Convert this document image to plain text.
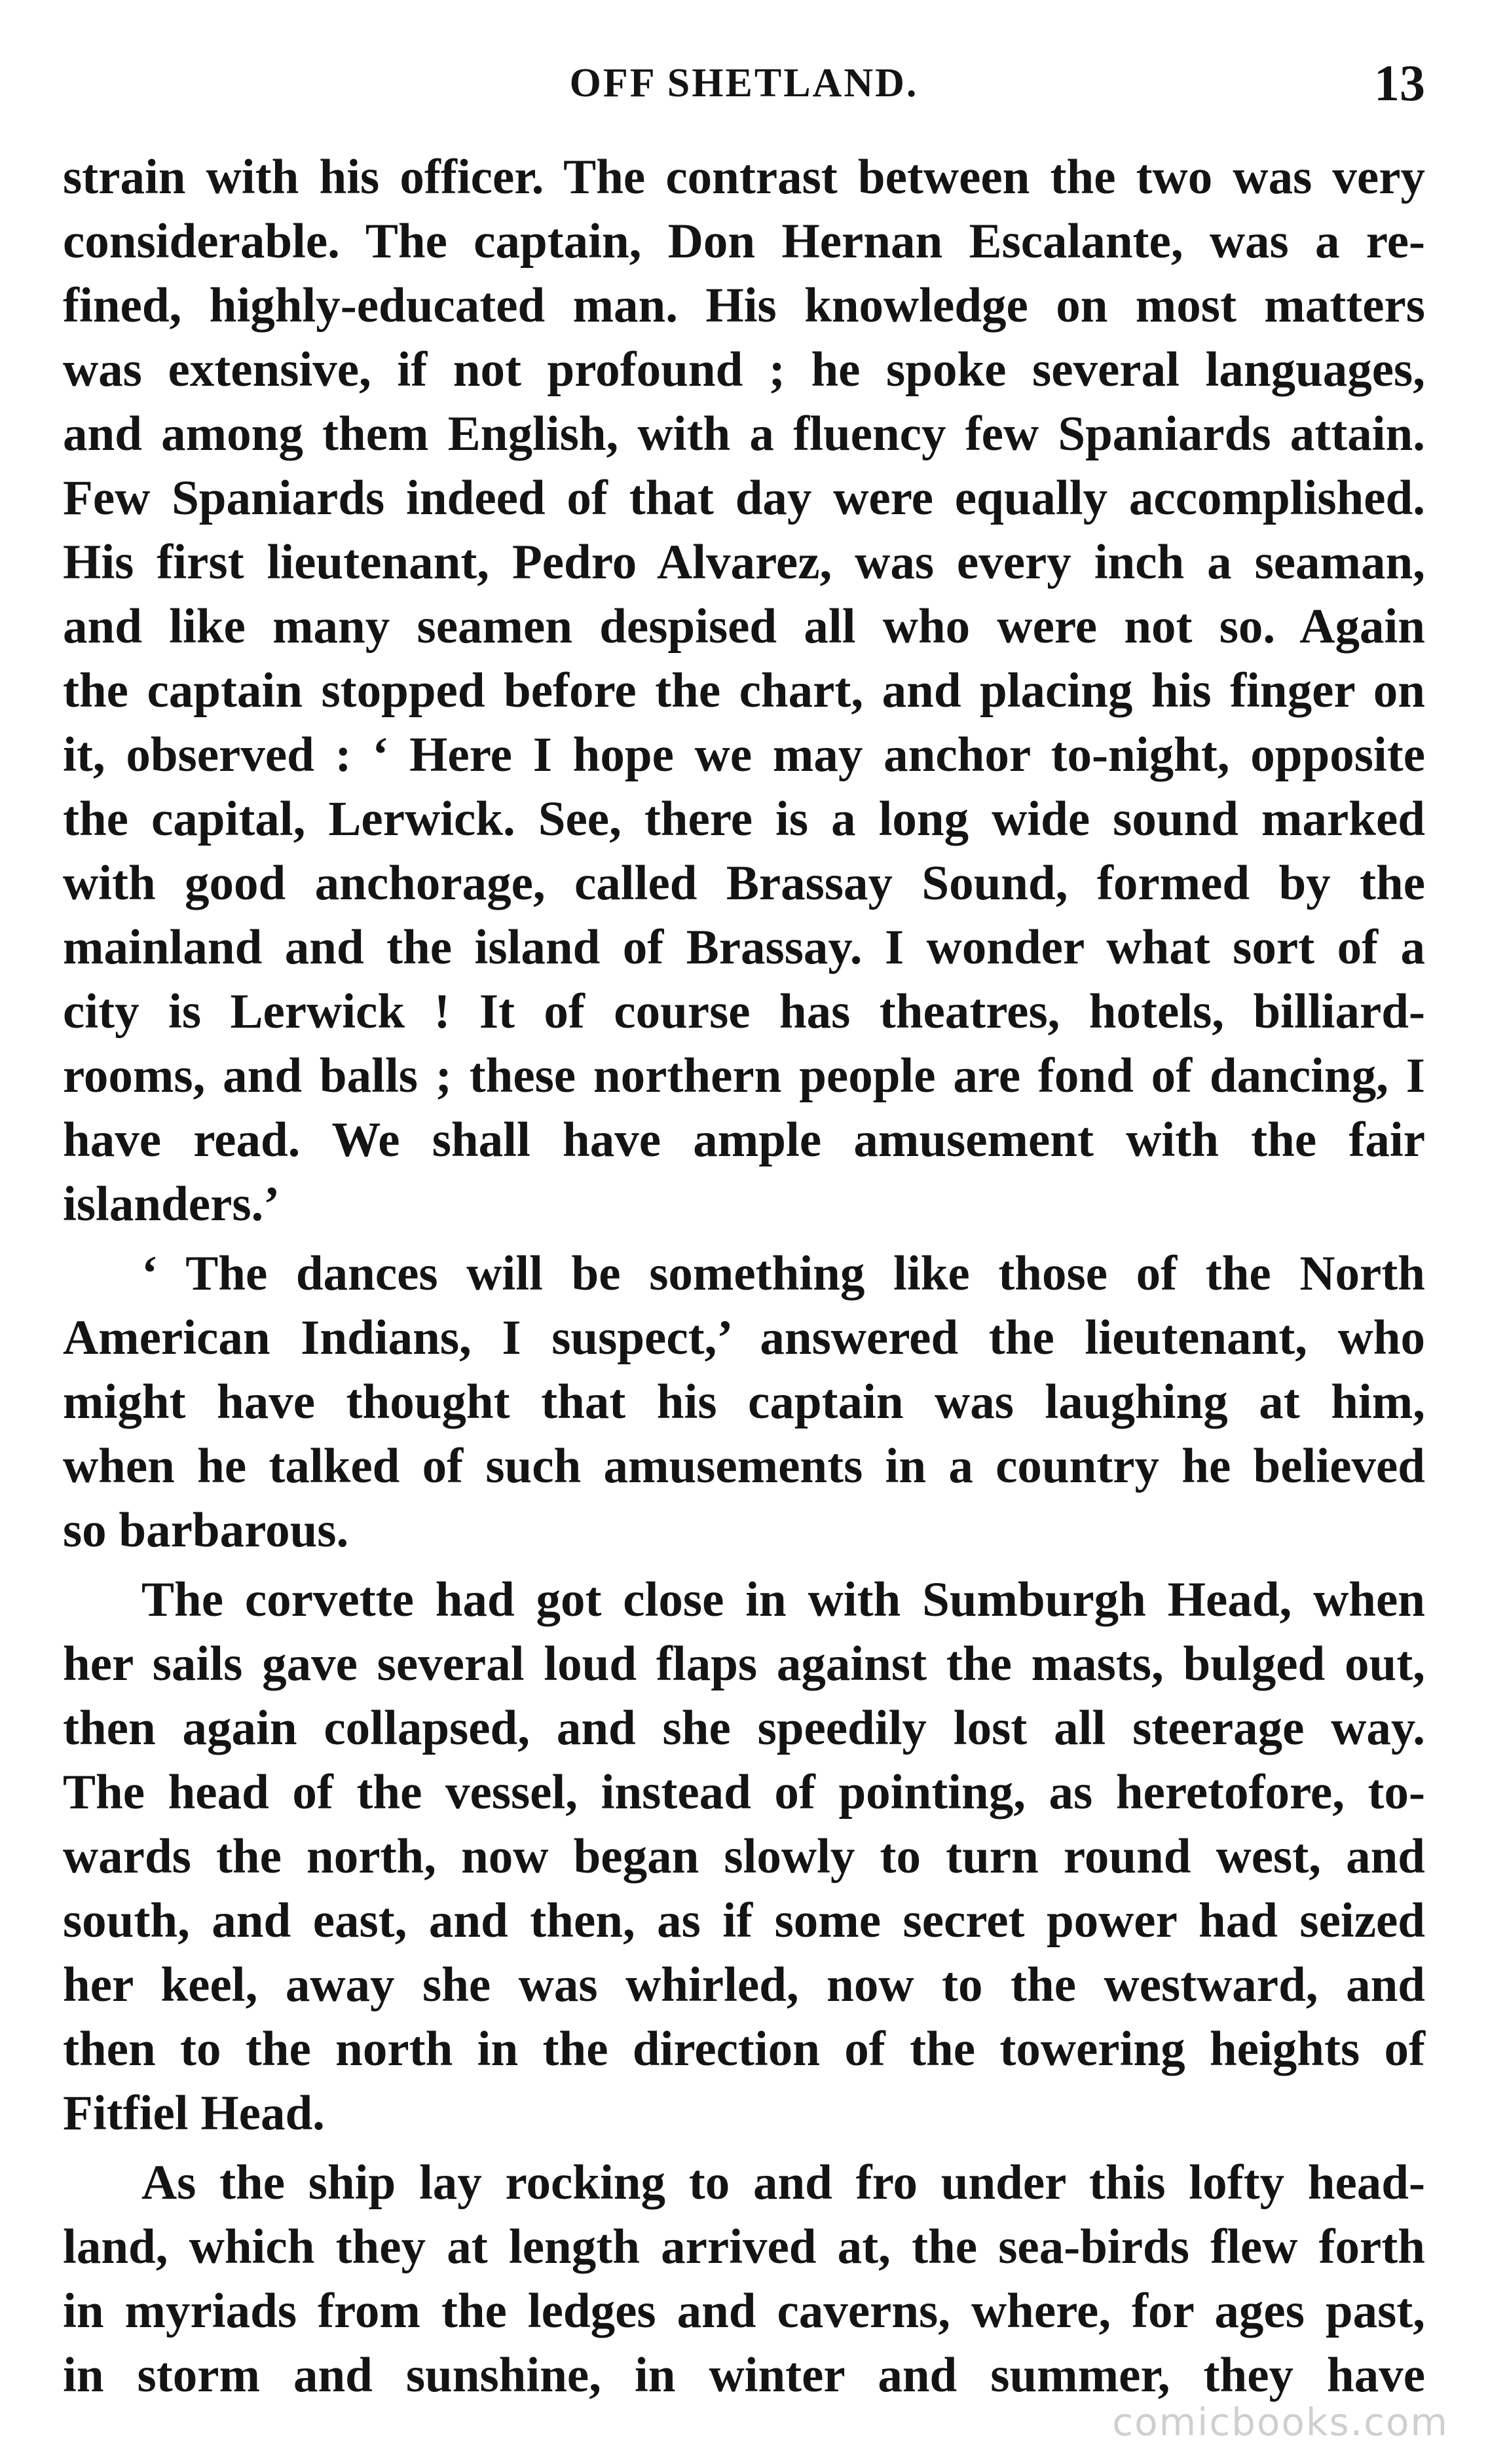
OFF SHETLAND.	13
strain with his officer. The contrast between the two was very
considerable. The captain, Don Hernan Escalante, was a re-
fined, highly-educated man. His knowledge on most matters
was extensive, if not profound ; he spoke several languages,
and among them English, with a fluency few Spaniards attain.
Few Spaniards indeed of that day were equally accomplished.
His first lieutenant, Pedro Alvarez, was every inch a seaman,
and like many seamen despised all who were not so. Again
the captain stopped before the chart, and placing his finger on
it, observed : ‘ Here I hope we may anchor to-night, opposite
the capital, Lerwick. See, there is a long wide sound marked
with good anchorage, called Brassay Sound, formed by the
mainland and the island of Brassay. I wonder what sort of a
city is Lerwick ! It of course has theatres, hotels, billiard-
rooms, and balls ; these northern people are fond of dancing, I
have read. We shall have ample amusement with the fair
islanders.’
‘ The dances will be something like those of the North
American Indians, I suspect,’ answered the lieutenant, who
might have thought that his captain was laughing at him,
when he talked of such amusements in a country he believed
so barbarous.
The corvette had got close in with Sumburgh Head, when
her sails gave several loud flaps against the masts, bulged out,
then again collapsed, and she speedily lost all steerage way.
The head of the vessel, instead of pointing, as heretofore, to-
wards the north, now began slowly to turn round west, and
south, and east, and then, as if some secret power had seized
her keel, away she was whirled, now to the westward, and
then to the north in the direction of the towering heights of
Fitfiel Head.
As the ship lay rocking to and fro under this lofty head-
land, which they at length arrived at, the sea-birds flew forth
in myriads from the ledges and caverns, where, for ages past,
in storm and sunshine, in winter and summer, they have
comicbooks.com
